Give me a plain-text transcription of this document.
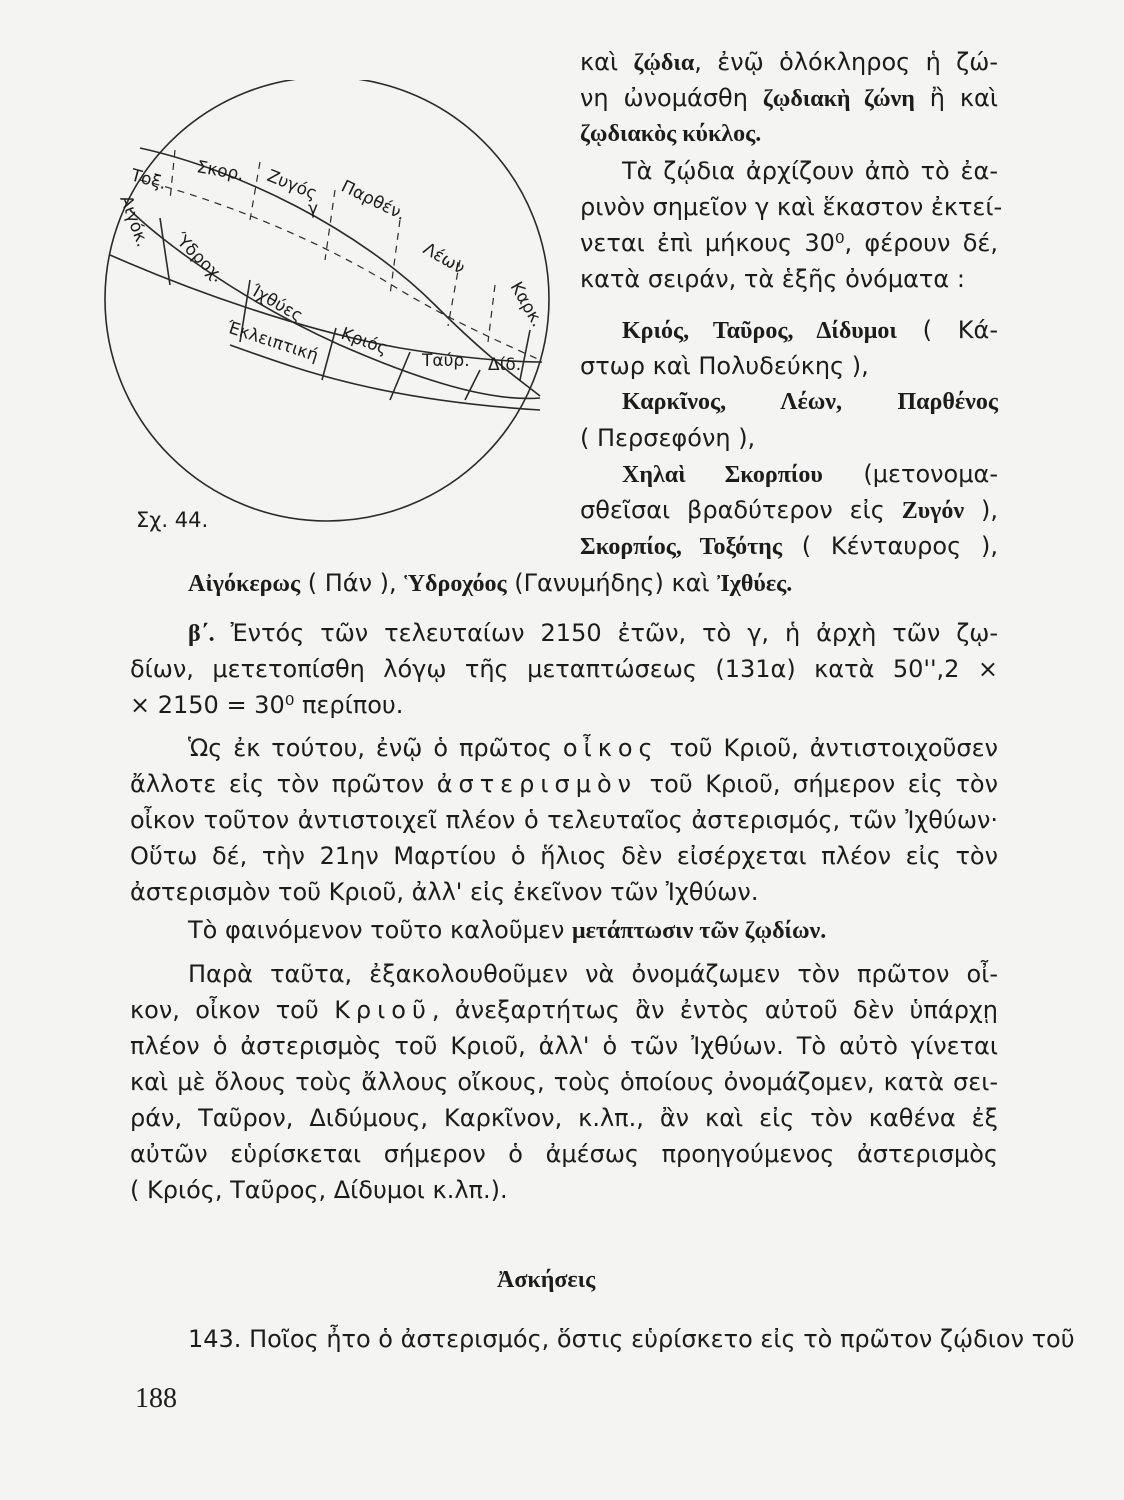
Τοξ. Σκορ. Ζυγός
γ Παρθέν.
Λέων
Αιγόκ.
Ύδροχ.
Ίχθύες
Κριός
Ταύρ.
Καρκ.
Δίδ.
Έκλειπτική
Σχ. 44.
καὶ ζῴδια, ἐνῷ ὁλόκληρος ἡ ζώ-
νη ὠνομάσθη ζῳδιακὴ ζώνη ἢ καὶ
ζῳδιακὸς κύκλος.
Τὰ ζῴδια ἀρχίζουν ἀπὸ τὸ ἐα-
ρινὸν σημεῖον γ καὶ ἕκαστον ἐκτεί-
νεται ἐπὶ μήκους 30⁰, φέρουν δέ,
κατὰ σειράν, τὰ ἑξῆς ὀνόματα :
Κριός, Ταῦρος, Δίδυμοι ( Κά-
στωρ καὶ Πολυδεύκης ),
Καρκῖνος, Λέων, Παρθένος
( Περσεφόνη ),
Χηλαὶ Σκορπίου (μετονομα-
σθεῖσαι βραδύτερον εἰς Ζυγόν ),
Σκορπίος, Τοξότης ( Κένταυρος ),
Αἰγόκερως ( Πάν ), Ὑδροχόος (Γανυμήδης) καὶ Ἰχθύες.
β΄. Ἐντός τῶν τελευταίων 2150 ἐτῶν, τὸ γ, ἡ ἀρχὴ τῶν ζῳ-
δίων, μετετοπίσθη λόγῳ τῆς μεταπτώσεως (131α) κατὰ 50'',2 ×
× 2150 = 30⁰ περίπου.
Ὡς ἐκ τούτου, ἐνῷ ὁ πρῶτος οἶκος τοῦ Κριοῦ, ἀντιστοιχοῦσεν
ἄλλοτε εἰς τὸν πρῶτον ἀστερισμὸν τοῦ Κριοῦ, σήμερον εἰς τὸν
οἶκον τοῦτον ἀντιστοιχεῖ πλέον ὁ τελευταῖος ἀστερισμός, τῶν Ἰχθύων·
Οὕτω δέ, τὴν 21ην Μαρτίου ὁ ἥλιος δὲν εἰσέρχεται πλέον εἰς τὸν
ἀστερισμὸν τοῦ Κριοῦ, ἀλλ' εἰς ἐκεῖνον τῶν Ἰχθύων.
Τὸ φαινόμενον τοῦτο καλοῦμεν μετάπτωσιν τῶν ζῳδίων.
Παρὰ ταῦτα, ἐξακολουθοῦμεν νὰ ὀνομάζωμεν τὸν πρῶτον οἶ-
κον, οἶκον τοῦ Κριοῦ, ἀνεξαρτήτως ἂν ἐντὸς αὐτοῦ δὲν ὑπάρχῃ
πλέον ὁ ἀστερισμὸς τοῦ Κριοῦ, ἀλλ' ὁ τῶν Ἰχθύων. Τὸ αὐτὸ γίνεται
καὶ μὲ ὅλους τοὺς ἄλλους οἴκους, τοὺς ὁποίους ὀνομάζομεν, κατὰ σει-
ράν, Ταῦρον, Διδύμους, Καρκῖνον, κ.λπ., ἂν καὶ εἰς τὸν καθένα ἐξ
αὐτῶν εὑρίσκεται σήμερον ὁ ἀμέσως προηγούμενος ἀστερισμὸς
( Κριός, Ταῦρος, Δίδυμοι κ.λπ.).
Ἀσκήσεις
143. Ποῖος ἦτο ὁ ἀστερισμός, ὅστις εὑρίσκετο εἰς τὸ πρῶτον ζῴδιον τοῦ
188
